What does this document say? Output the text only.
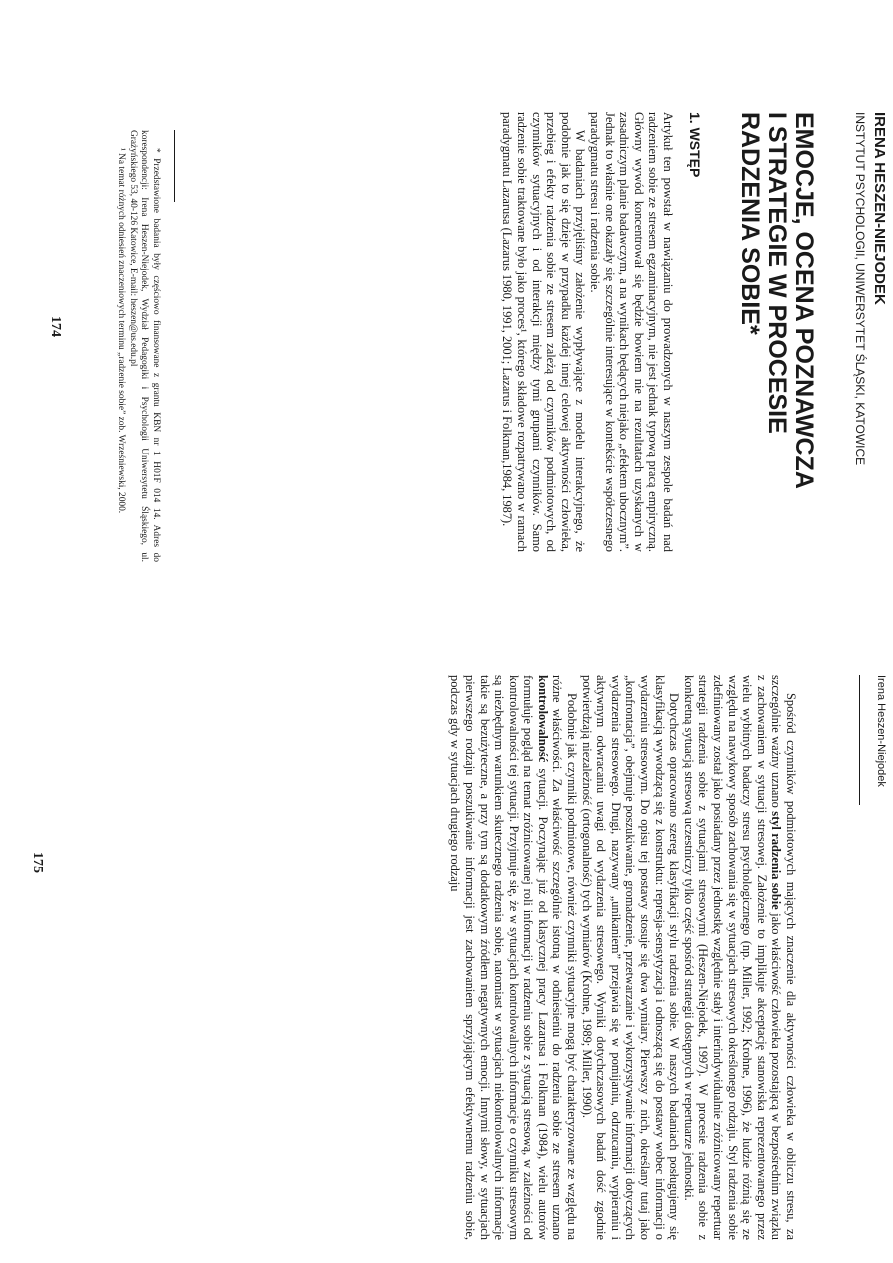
IRENA HESZEN-NIEJODEK
INSTYTUT PSYCHOLOGII, UNIWERSYTET ŚLĄSKI, KATOWICE
EMOCJE, OCENA POZNAWCZA
I STRATEGIE W PROCESIE
RADZENIA SOBIE*
1. WSTĘP

Artykuł ten powstał w nawiązaniu do prowadzonych w naszym zespole badań nad radzeniem sobie ze stresem egzaminacyjnym, nie jest jednak typową pracą empiryczną. Główny wywód koncentrował się będzie bowiem nie na rezultatach uzyskanych w zasadniczym planie badawczym, a na wynikach będących niejako „efektem ubocznym”. Jednak to właśnie one okazały się szczególnie interesujące w kontekście współczesnego paradygmatu stresu i radzenia sobie.

W badaniach przyjęliśmy założenie wypływające z modelu interakcyjnego, że podobnie jak to się dzieje w przypadku każdej innej celowej aktywności człowieka, przebieg i efekty radzenia sobie ze stresem zależą od czynników podmiotowych, od czynników sytuacyjnych i od interakcji między tymi grupami czynników. Samo radzenie sobie traktowane było jako proces¹, którego składowe rozpatrywano w ramach paradygmatu Lazarusa (Lazarus 1980, 1991, 2001; Lazarus i Folkman,1984, 1987).

* Przedstawione badania były częściowo finansowane z grantu KBN nr 1 H01F 014 14. Adres do korespondencji: Irena Heszen-Niejodek, Wydział Pedagogiki i Psychologii Uniwersytetu Śląskiego, ul. Grażyńskiego 53, 40-126 Katowice, E-mail: heszen@us.edu.pl

¹ Na temat różnych odniesień znaczeniowych terminu „radzenie sobie” zob. Wrześniewski, 2000.

174
Irena Heszen-Niejodek

Spośród czynników podmiotowych mających znaczenie dla aktywności człowieka w obliczu stresu, za szczególnie ważny uznano styl radzenia sobie jako właściwość człowieka pozostającą w bezpośrednim związku z zachowaniem w sytuacji stresowej. Założenie to implikuje akceptację stanowiska reprezentowanego przez wielu wybitnych badaczy stresu psychologicznego (np. Miller, 1992; Krohne, 1996), że ludzie różnią się ze względu na nawykowy sposób zachowania się w sytuacjach stresowych określonego rodzaju. Styl radzenia sobie zdefiniowany został jako posiadany przez jednostkę względnie stały i interindywidualnie zróżnicowany repertuar strategii radzenia sobie z sytuacjami stresowymi (Heszen-Niejodek, 1997). W procesie radzenia sobie z konkretną sytuacją stresową uczestniczy tylko część spośród strategii dostępnych w repertuarze jednostki.

Dotychczas opracowano szereg klasyfikacji stylu radzenia sobie. W naszych badaniach posługujemy się klasyfikacją wywodzącą się z konstruktu: represja-sensytyzacja i odnoszącą się do postawy wobec informacji o wydarzeniu stresowym. Do opisu tej postawy stosuje się dwa wymiary. Pierwszy z nich, określany tutaj jako „konfrontacja”, obejmuje poszukiwanie, gromadzenie, przetwarzanie i wykorzystywanie informacji dotyczących wydarzenia stresowego. Drugi, nazywany „unikaniem” przejawia się w pomijaniu, odrzucaniu, wypieraniu i aktywnym odwracaniu uwagi od wydarzenia stresowego. Wyniki dotychczasowych badań dość zgodnie potwierdzają niezależność (ortogonalność) tych wymiarów (Krohne, 1989; Miller, 1990).

Podobnie jak czynniki podmiotowe, również czynniki sytuacyjne mogą być charakteryzowane ze względu na różne właściwości. Za właściwość szczególnie istotną w odniesieniu do radzenia sobie ze stresem uznano kontrolowalność sytuacji. Poczynając już od klasycznej pracy Lazarusa i Folkman (1984), wielu autorów formułuje pogląd na temat zróżnicowanej roli informacji w radzeniu sobie z sytuacją stresową, w zależności od kontrolowalności tej sytuacji. Przyjmuje się, że w sytuacjach kontrolowalnych informacje o czynniku stresowym są niezbędnym warunkiem skutecznego radzenia sobie, natomiast w sytuacjach niekontrolowalnych informacje takie są bezużyteczne, a przy tym są dodatkowym źródłem negatywnych emocji. Innymi słowy, w sytuacjach pierwszego rodzaju poszukiwanie informacji jest zachowaniem sprzyjającym efektywnemu radzeniu sobie, podczas gdy w sytuacjach drugiego rodzaju

175
